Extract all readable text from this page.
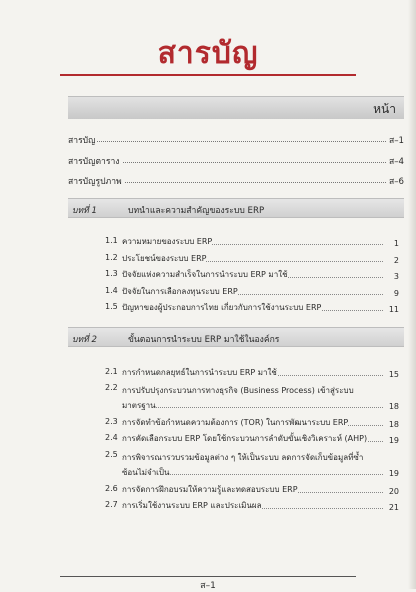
สารบัญ
หน้า
สารบัญ	ส–1
สารบัญตาราง	ส–4
สารบัญรูปภาพ	ส–6
บทที่ 1	บทนำและความสำคัญของระบบ ERP
1.1 ความหมายของระบบ ERP	1
1.2 ประโยชน์ของระบบ ERP	2
1.3 ปัจจัยแห่งความสำเร็จในการนำระบบ ERP มาใช้	3
1.4 ปัจจัยในการเลือกลงทุนระบบ ERP	9
1.5 ปัญหาของผู้ประกอบการไทย เกี่ยวกับการใช้งานระบบ ERP	11
บทที่ 2	ขั้นตอนการนำระบบ ERP มาใช้ในองค์กร
2.1 การกำหนดกลยุทธ์ในการนำระบบ ERP มาใช้	15
2.2 การปรับปรุงกระบวนการทางธุรกิจ (Business Process) เข้าสู่ระบบมาตรฐาน	18
2.3 การจัดทำข้อกำหนดความต้องการ (TOR) ในการพัฒนาระบบ ERP	18
2.4 การคัดเลือกระบบ ERP โดยใช้กระบวนการลำดับขั้นเชิงวิเคราะห์ (AHP)	19
2.5 การพิจารณารวบรวมข้อมูลต่าง ๆ ให้เป็นระบบ ลดการจัดเก็บข้อมูลที่ซ้ำซ้อนไม่จำเป็น	19
2.6 การจัดการฝึกอบรมให้ความรู้และทดสอบระบบ ERP	20
2.7 การเริ่มใช้งานระบบ ERP และประเมินผล	21
ส–1
